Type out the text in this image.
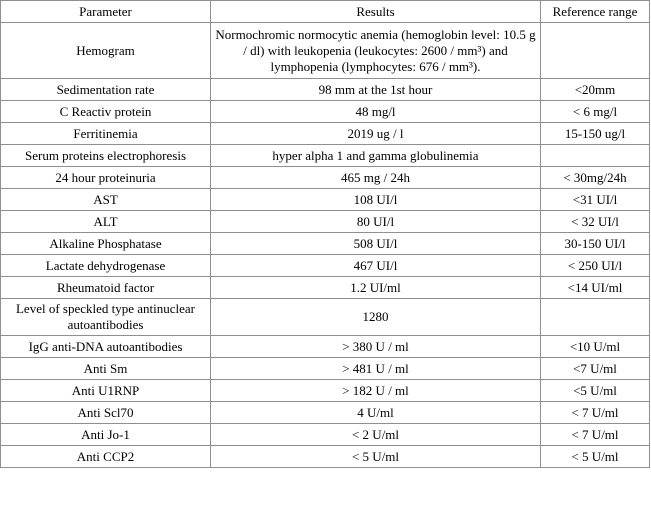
Parameter	Results	Reference range
Hemogram	Normochromic normocytic anemia (hemoglobin level: 10.5 g / dl) with leukopenia (leukocytes: 2600 / mm³) and lymphopenia (lymphocytes: 676 / mm³).	
Sedimentation rate	98 mm at the 1st hour	<20mm
C Reactiv protein	48 mg/l	< 6 mg/l
Ferritinemia	2019 ug / l	15-150 ug/l
Serum proteins electrophoresis	hyper alpha 1 and gamma globulinemia	
24 hour proteinuria	465 mg / 24h	< 30mg/24h
AST	108 UI/l	<31 UI/l
ALT	80 UI/l	< 32 UI/l
Alkaline Phosphatase	508 UI/l	30-150 UI/l
Lactate dehydrogenase	467 UI/l	< 250 UI/l
Rheumatoid factor	1.2 UI/ml	<14 UI/ml
Level of speckled type antinuclear autoantibodies	1280	
IgG anti-DNA autoantibodies	> 380 U / ml	<10 U/ml
Anti Sm	> 481 U / ml	<7 U/ml
Anti U1RNP	> 182 U / ml	<5 U/ml
Anti Scl70	4 U/ml	< 7 U/ml
Anti Jo-1	< 2 U/ml	< 7 U/ml
Anti CCP2	< 5 U/ml	< 5 U/ml
